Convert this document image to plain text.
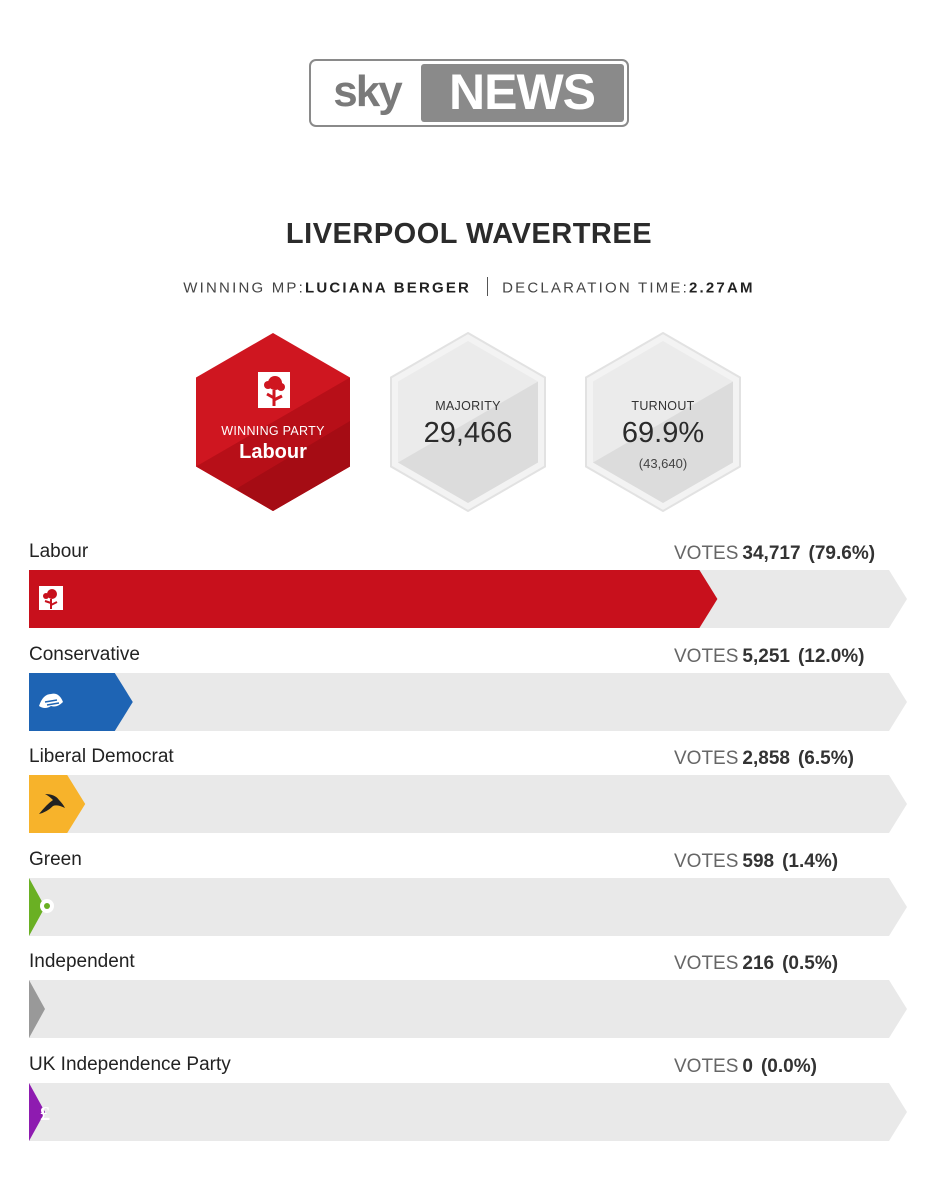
sky NEWS
LIVERPOOL WAVERTREE
WINNING MP:LUCIANA BERGER DECLARATION TIME:2.27AM
WINNING PARTY
Labour
MAJORITY
29,466
TURNOUT
69.9%
(43,640)
Labour	VOTES 34,717 (79.6%)
Conservative	VOTES 5,251 (12.0%)
Liberal Democrat	VOTES 2,858 (6.5%)
Green	VOTES 598 (1.4%)
Independent	VOTES 216 (0.5%)
UK Independence Party	VOTES 0 (0.0%)
£
